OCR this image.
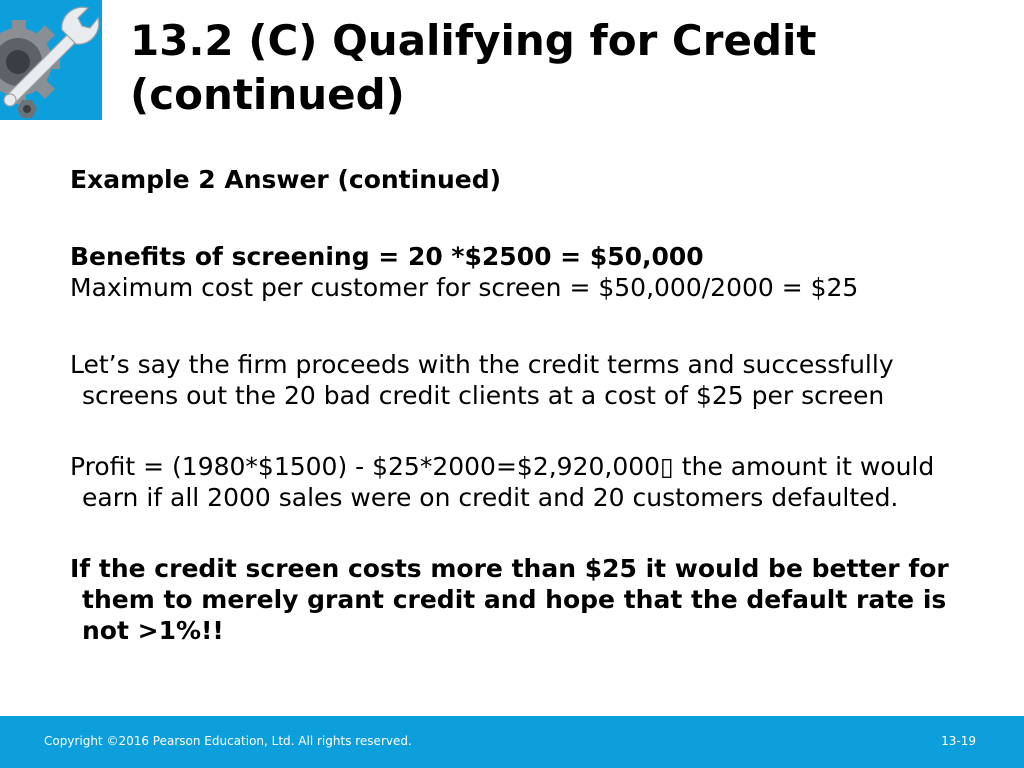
13.2 (C) Qualifying for Credit (continued)

Example 2 Answer (continued)

Benefits of screening = 20 *$2500 = $50,000

Maximum cost per customer for screen = $50,000/2000 = $25

Let’s say the firm proceeds with the credit terms and successfully screens out the 20 bad credit clients at a cost of $25 per screen

Profit = (1980*$1500) - $25*2000=$2,920,000▯ the amount it would earn if all 2000 sales were on credit and 20 customers defaulted.

If the credit screen costs more than $25 it would be better for them to merely grant credit and hope that the default rate is not >1%!!

Copyright ©2016 Pearson Education, Ltd. All rights reserved.	13-19
